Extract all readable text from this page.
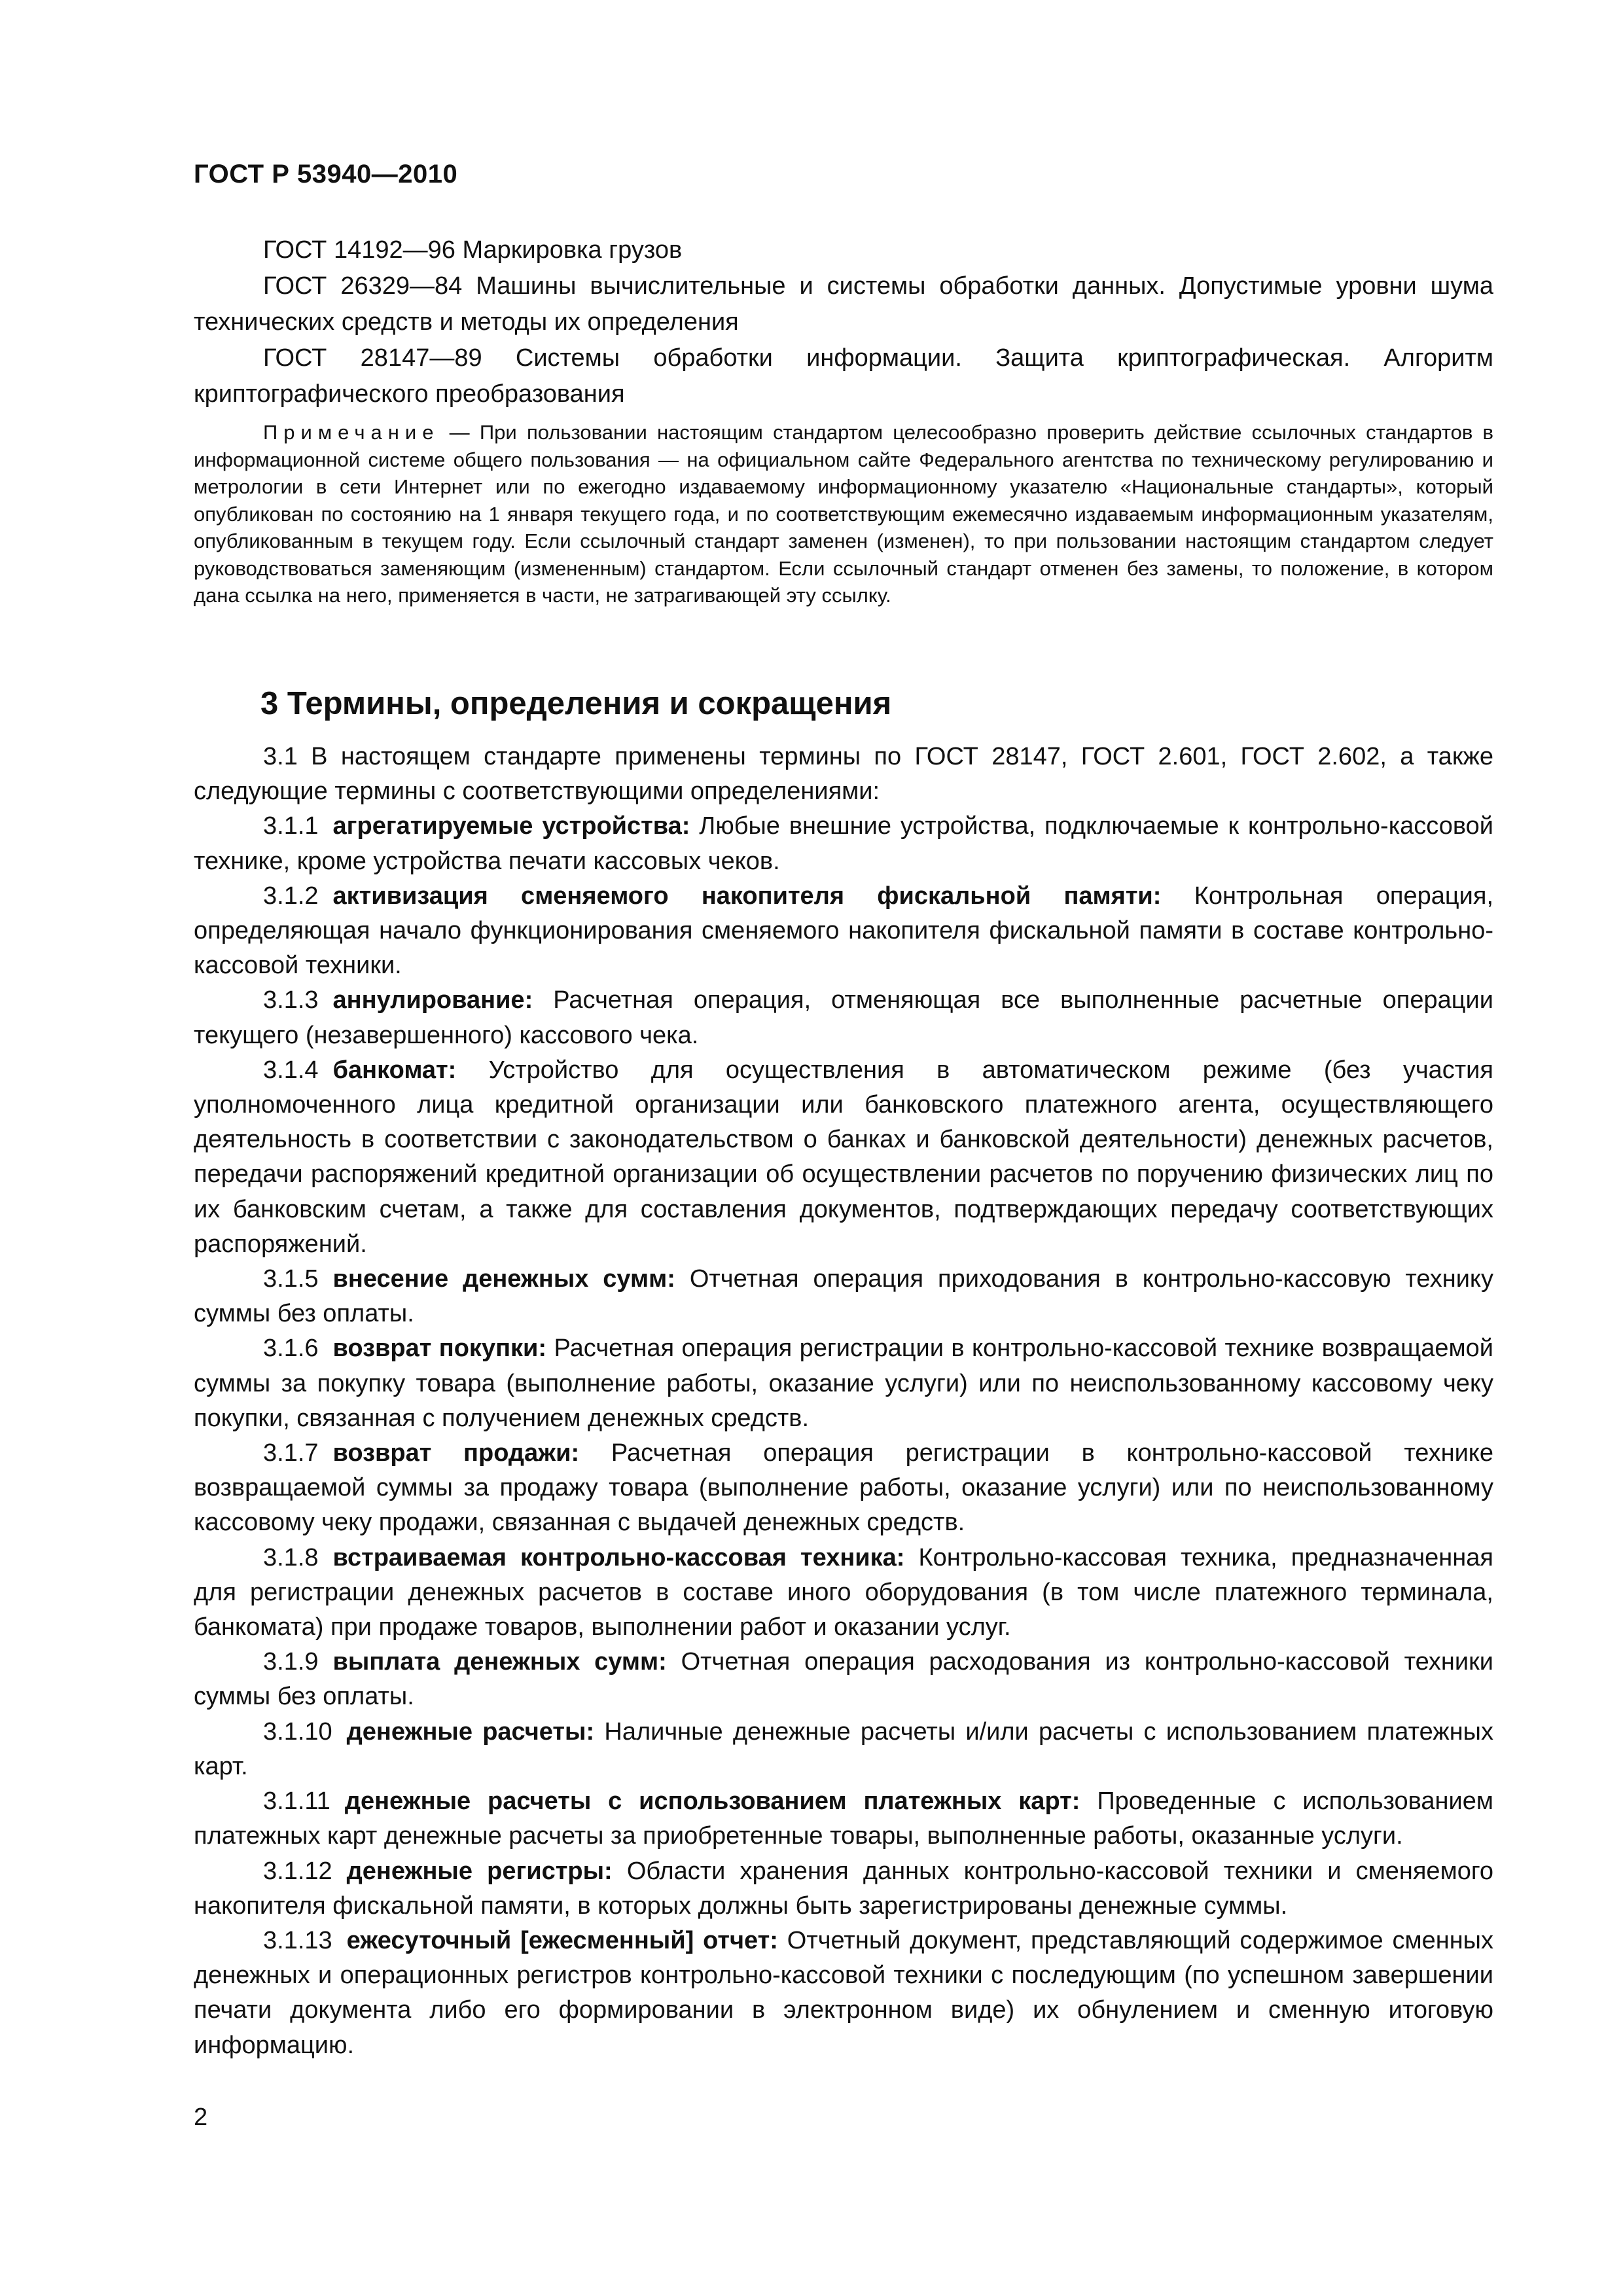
ГОСТ Р 53940—2010

ГОСТ 14192—96 Маркировка грузов

ГОСТ 26329—84 Машины вычислительные и системы обработки данных. Допустимые уровни шума технических средств и методы их определения

ГОСТ 28147—89 Системы обработки информации. Защита криптографическая. Алгоритм криптографического преобразования

Примечание — При пользовании настоящим стандартом целесообразно проверить действие ссылочных стандартов в информационной системе общего пользования — на официальном сайте Федерального агентства по техническому регулированию и метрологии в сети Интернет или по ежегодно издаваемому информационному указателю «Национальные стандарты», который опубликован по состоянию на 1 января текущего года, и по соответствующим ежемесячно издаваемым информационным указателям, опубликованным в текущем году. Если ссылочный стандарт заменен (изменен), то при пользовании настоящим стандартом следует руководствоваться заменяющим (измененным) стандартом. Если ссылочный стандарт отменен без замены, то положение, в котором дана ссылка на него, применяется в части, не затрагивающей эту ссылку.
3 Термины, определения и сокращения

3.1 В настоящем стандарте применены термины по ГОСТ 28147, ГОСТ 2.601, ГОСТ 2.602, а также следующие термины с соответствующими определениями:

3.1.1 агрегатируемые устройства: Любые внешние устройства, подключаемые к контрольно-кассовой технике, кроме устройства печати кассовых чеков.

3.1.2 активизация сменяемого накопителя фискальной памяти: Контрольная операция, определяющая начало функционирования сменяемого накопителя фискальной памяти в составе контрольно-кассовой техники.

3.1.3 аннулирование: Расчетная операция, отменяющая все выполненные расчетные операции текущего (незавершенного) кассового чека.

3.1.4 банкомат: Устройство для осуществления в автоматическом режиме (без участия уполномоченного лица кредитной организации или банковского платежного агента, осуществляющего деятельность в соответствии с законодательством о банках и банковской деятельности) денежных расчетов, передачи распоряжений кредитной организации об осуществлении расчетов по поручению физических лиц по их банковским счетам, а также для составления документов, подтверждающих передачу соответствующих распоряжений.

3.1.5 внесение денежных сумм: Отчетная операция приходования в контрольно-кассовую технику суммы без оплаты.

3.1.6 возврат покупки: Расчетная операция регистрации в контрольно-кассовой технике возвращаемой суммы за покупку товара (выполнение работы, оказание услуги) или по неиспользованному кассовому чеку покупки, связанная с получением денежных средств.

3.1.7 возврат продажи: Расчетная операция регистрации в контрольно-кассовой технике возвращаемой суммы за продажу товара (выполнение работы, оказание услуги) или по неиспользованному кассовому чеку продажи, связанная с выдачей денежных средств.

3.1.8 встраиваемая контрольно-кассовая техника: Контрольно-кассовая техника, предназначенная для регистрации денежных расчетов в составе иного оборудования (в том числе платежного терминала, банкомата) при продаже товаров, выполнении работ и оказании услуг.

3.1.9 выплата денежных сумм: Отчетная операция расходования из контрольно-кассовой техники суммы без оплаты.

3.1.10 денежные расчеты: Наличные денежные расчеты и/или расчеты с использованием платежных карт.

3.1.11 денежные расчеты с использованием платежных карт: Проведенные с использованием платежных карт денежные расчеты за приобретенные товары, выполненные работы, оказанные услуги.

3.1.12 денежные регистры: Области хранения данных контрольно-кассовой техники и сменяемого накопителя фискальной памяти, в которых должны быть зарегистрированы денежные суммы.

3.1.13 ежесуточный [ежесменный] отчет: Отчетный документ, представляющий содержимое сменных денежных и операционных регистров контрольно-кассовой техники с последующим (по успешном завершении печати документа либо его формировании в электронном виде) их обнулением и сменную итоговую информацию.

2
